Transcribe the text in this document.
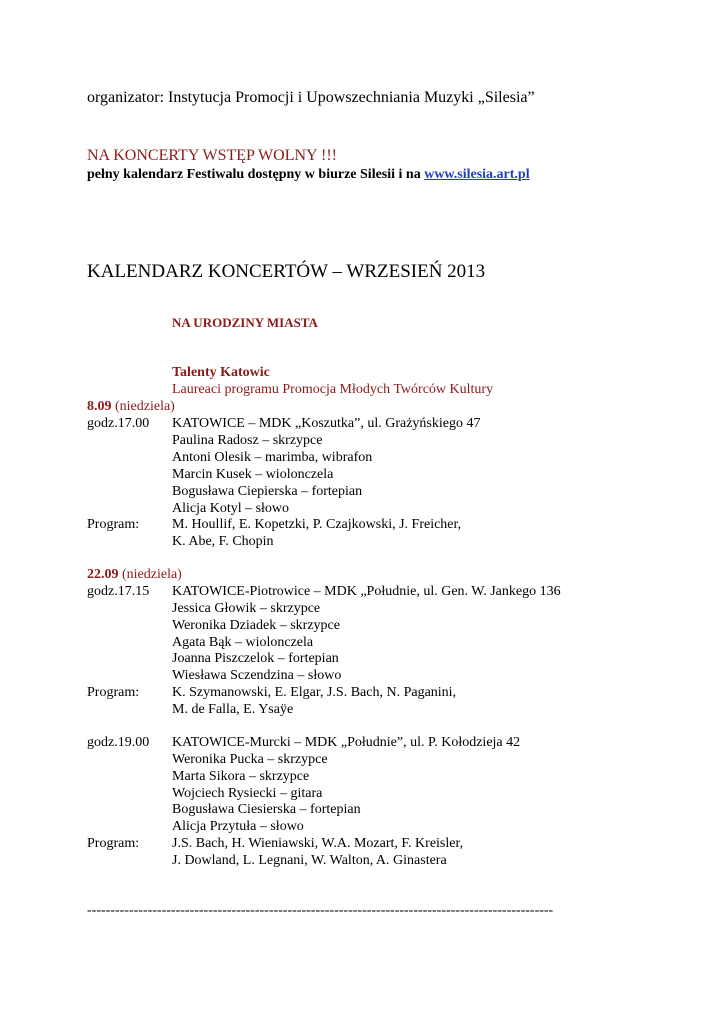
organizator: Instytucja Promocji i Upowszechniania Muzyki „Silesia”
NA KONCERTY WSTĘP WOLNY !!!
pełny kalendarz Festiwalu dostępny w biurze Silesii i na www.silesia.art.pl
KALENDARZ KONCERTÓW – WRZESIEŃ 2013
NA URODZINY MIASTA
Talenty Katowic
Laureaci programu Promocja Młodych Twórców Kultury
8.09 (niedziela)
godz.17.00 KATOWICE – MDK „Koszutka”, ul. Grażyńskiego 47
Paulina Radosz – skrzypce
Antoni Olesik – marimba, wibrafon
Marcin Kusek – wiolonczela
Bogusława Ciepierska – fortepian
Alicja Kotyl – słowo
Program: M. Houllif, E. Kopetzki, P. Czajkowski, J. Freicher,
K. Abe, F. Chopin
22.09 (niedziela)
godz.17.15 KATOWICE-Piotrowice – MDK „Południe, ul. Gen. W. Jankego 136
Jessica Głowik – skrzypce
Weronika Dziadek – skrzypce
Agata Bąk – wiolonczela
Joanna Piszczelok – fortepian
Wiesława Sczendzina – słowo
Program: K. Szymanowski, E. Elgar, J.S. Bach, N. Paganini,
M. de Falla, E. Ysaÿe
godz.19.00 KATOWICE-Murcki – MDK „Południe”, ul. P. Kołodzieja 42
Weronika Pucka – skrzypce
Marta Sikora – skrzypce
Wojciech Rysiecki – gitara
Bogusława Ciesierska – fortepian
Alicja Przytuła – słowo
Program: J.S. Bach, H. Wieniawski, W.A. Mozart, F. Kreisler,
J. Dowland, L. Legnani, W. Walton, A. Ginastera
----------------------------------------------------------------------------------------------------
